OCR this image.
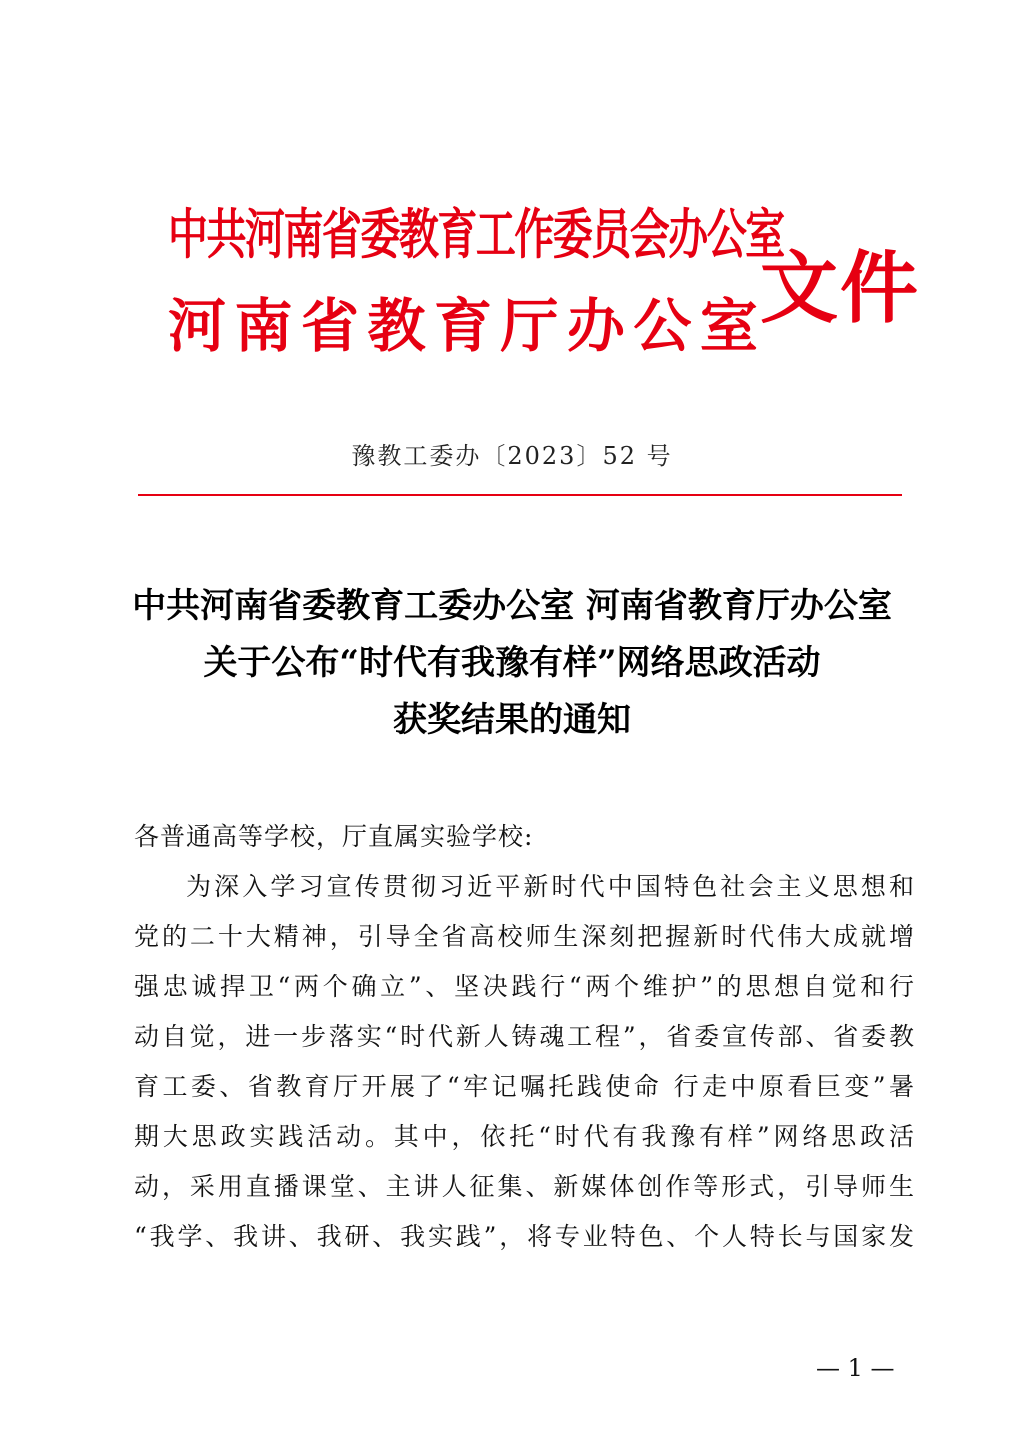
中共河南省委教育工作委员会办公室
河 南 省 教 育 厅 办 公 室 文件
豫教工委办〔2023〕52 号
中共河南省委教育工委办公室 河南省教育厅办公室
关于公布“时代有我豫有样”网络思政活动
获奖结果的通知
各普通高等学校，厅直属实验学校:
为深入学习宣传贯彻习近平新时代中国特色社会主义思想和
党的二十大精神，引导全省高校师生深刻把握新时代伟大成就增
强忠诚捍卫“两个确立”、坚决践行“两个维护”的思想自觉和行
动自觉，进一步落实“时代新人铸魂工程”，省委宣传部、省委教
育工委、省教育厅开展了“牢记嘱托践使命 行走中原看巨变”暑
期大思政实践活动。其中，依托“时代有我豫有样”网络思政活
动，采用直播课堂、主讲人征集、新媒体创作等形式，引导师生
“我学、我讲、我研、我实践”，将专业特色、个人特长与国家发
— 1 —
